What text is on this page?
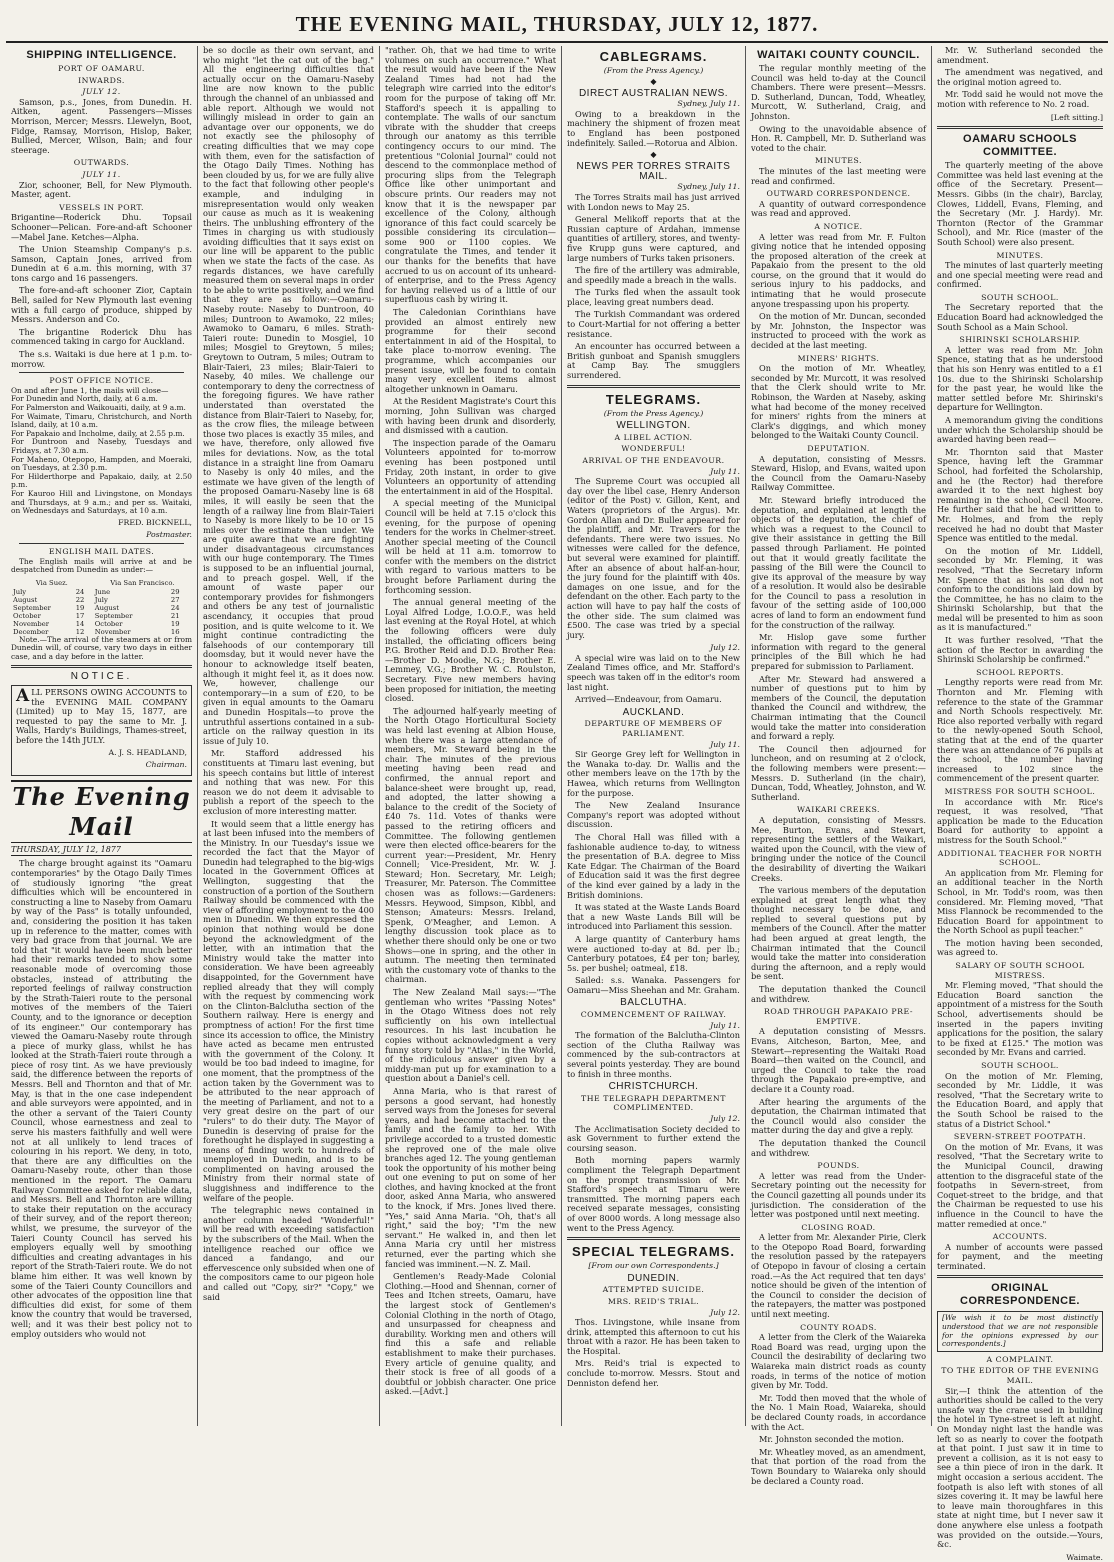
THE EVENING MAIL, THURSDAY, JULY 12, 1877.
SHIPPING INTELLIGENCE.
PORT OF OAMARU.
INWARDS.
JULY 12.

Samson, p.s., Jones, from Dunedin. H. Aitken, agent. Passengers—Misses Morrison, Mercer; Messrs. Llewelyn, Boot, Fidge, Ramsay, Morrison, Hislop, Baker, Bullied, Mercer, Wilson, Bain; and four steerage.

OUTWARDS.
JULY 11.

Zior, schooner, Bell, for New Plymouth. Master, agent.

VESSELS IN PORT.

Brigantine—Roderick Dhu. Topsail Schooner—Pelican. Fore-and-aft Schooner—Mabel Jane. Ketches—Alpha.

The Union Steamship Company's p.s. Samson, Captain Jones, arrived from Dunedin at 6 a.m. this morning, with 37 tons cargo and 16 passengers.

The fore-and-aft schooner Zior, Captain Bell, sailed for New Plymouth last evening with a full cargo of produce, shipped by Messrs. Anderson and Co.

The brigantine Roderick Dhu has commenced taking in cargo for Auckland.

The s.s. Waitaki is due here at 1 p.m. to-morrow.

POST OFFICE NOTICE.
On and after June 1, the mails will close—
For Dunedin and North, daily, at 6 a.m.
For Palmerston and Waikouaiti, daily, at 9 a.m.
For Waimate, Timaru, Christchurch, and North Island, daily, at 10 a.m.
For Papakaio and Incholme, daily, at 2.55 p.m.
For Duntroon and Naseby, Tuesdays and Fridays, at 7.30 a.m.
For Maheno, Otepopo, Hampden, and Moeraki, on Tuesdays, at 2.30 p.m.
For Hilderthorpe and Papakaio, daily, at 2.50 p.m.
For Kauroo Hill and Livingstone, on Mondays and Thursdays, at 9 a.m.; and per ss. Waitaki, on Wednesdays and Saturdays, at 10 a.m.
FRED. BICKNELL,
Postmaster.
ENGLISH MAIL DATES.

The English mails will arrive at and be despatched from Dunedin as under:—

Via Suez.		Via San Francisco.	
July	24	June	29
August	22	July	27
September	19	August	24
October	17	September	21
November	14	October	19
December	12	November	16

Note.—The arrival of the steamers at or from Dunedin will, of course, vary two days in either case, and a day before in the latter.

NOTICE.
A LL PERSONS OWING ACCOUNTS to the EVENING MAIL COMPANY (Limited) up to May 15, 1877, are requested to pay the same to Mr. J. Walls, Hardy's Buildings, Thames-street, before the 14th JULY.
A. J. S. HEADLAND,
Chairman.
The Evening Mail
THURSDAY, JULY 12, 1877

The charge brought against its "Oamaru contemporaries" by the Otago Daily Times of studiously ignoring "the great difficulties which will be encountered in constructing a line to Naseby from Oamaru by way of the Pass" is totally unfounded, and, considering the position it has taken up in reference to the matter, comes with very bad grace from that journal. We are told that "it would have been much better had their remarks tended to show some reasonable mode of overcoming those obstacles, instead of attributing the reported feelings of railway construction by the Strath-Taieri route to the personal motives of the members of the Taieri County, and to the ignorance or deception of its engineer." Our contemporary has viewed the Oamaru-Naseby route through a piece of murky glass, whilst he has looked at the Strath-Taieri route through a piece of rosy tint. As we have previously said, the difference between the reports of Messrs. Bell and Thornton and that of Mr. May, is that in the one case independent and able surveyors were appointed, and in the other a servant of the Taieri County Council, whose earnestness and zeal to serve his masters faithfully and well were not at all unlikely to lend traces of colouring in his report. We deny, in toto, that there are any difficulties on the Oamaru-Naseby route, other than those mentioned in the report. The Oamaru Railway Committee asked for reliable data, and Messrs. Bell and Thornton are willing to stake their reputation on the accuracy of their survey, and of the report thereon; whilst, we presume, the surveyor of the Taieri County Council has served his employers equally well by smoothing difficulties and creating advantages in his report of the Strath-Taieri route. We do not blame him either. It was well known by some of the Taieri County Councillors and other advocates of the opposition line that difficulties did exist, for some of them know the country that would be traversed, well; and it was their best policy not to employ outsiders who would not

be so docile as their own servant, and who might "let the cat out of the bag." All the engineering difficulties that actually occur on the Oamaru-Naseby line are now known to the public through the channel of an unbiassed and able report. Although we would not willingly mislead in order to gain an advantage over our opponents, we do not exactly see the philosophy of creating difficulties that we may cope with them, even for the satisfaction of the Otago Daily Times. Nothing has been clouded by us, for we are fully alive to the fact that following other people's example, and indulging in misrepresentation would only weaken our cause as much as it is weakening theirs. The unblushing effrontery of the Times in charging us with studiously avoiding difficulties that it says exist on our line will be apparent to the public when we state the facts of the case. As regards distances, we have carefully measured them on several maps in order to be able to write positively, and we find that they are as follow:—Oamaru-Naseby route: Naseby to Duntroon, 40 miles; Duntroon to Awamoko, 22 miles; Awamoko to Oamaru, 6 miles. Strath-Taieri route: Dunedin to Mosgiel, 10 miles; Mosgiel to Greytown, 5 miles; Greytown to Outram, 5 miles; Outram to Blair-Taieri, 23 miles; Blair-Taieri to Naseby, 40 miles. We challenge our contemporary to deny the correctness of the foregoing figures. We have rather understated than overstated the distance from Blair-Taieri to Naseby, for, as the crow flies, the mileage between those two places is exactly 35 miles, and we have, therefore, only allowed five miles for deviations. Now, as the total distance in a straight line from Oamaru to Naseby is only 40 miles, and the estimate we have given of the length of the proposed Oamaru-Naseby line is 68 miles, it will easily be seen that the length of a railway line from Blair-Taieri to Naseby is more likely to be 10 or 15 miles over the estimate than under. We are quite aware that we are fighting under disadvantageous circumstances with our huge contemporary. The Times is supposed to be an influential journal, and to preach gospel. Well, if the amount of waste paper our contemporary provides for fishmongers and others be any test of journalistic ascendancy, it occupies that proud position, and is quite welcome to it. We might continue contradicting the falsehoods of our contemporary till doomsday, but it would never have the honour to acknowledge itself beaten, although it might feel it, as it does now. We, however, challenge our contemporary—in a sum of £20, to be given in equal amounts to the Oamaru and Dunedin Hospitals—to prove the untruthful assertions contained in a sub-article on the railway question in its issue of July 10.

Mr. Stafford addressed his constituents at Timaru last evening, but his speech contains but little of interest and nothing that was new. For this reason we do not deem it advisable to publish a report of the speech to the exclusion of more interesting matter.

It would seem that a little energy has at last been infused into the members of the Ministry. In our Tuesday's issue we recorded the fact that the Mayor of Dunedin had telegraphed to the big-wigs located in the Government Offices at Wellington, suggesting that the construction of a portion of the Southern Railway should be commenced with the view of affording employment to the 400 men in Dunedin. We then expressed the opinion that nothing would be done beyond the acknowledgment of the letter, with an intimation that the Ministry would take the matter into consideration. We have been agreeably disappointed, for the Government have replied already that they will comply with the request by commencing work on the Clinton-Balclutha section of the Southern railway. Here is energy and promptness of action! For the first time since its accession to office, the Ministry have acted as became men entrusted with the government of the Colony. It would be too bad indeed to imagine, for one moment, that the promptness of the action taken by the Government was to be attributed to the near approach of the meeting of Parliament, and not to a very great desire on the part of our "rulers" to do their duty. The Mayor of Dunedin is deserving of praise for the forethought he displayed in suggesting a means of finding work to hundreds of unemployed in Dunedin, and is to be complimented on having aroused the Ministry from their normal state of sluggishness and indifference to the welfare of the people.

The telegraphic news contained in another column headed "Wonderful!" will be read with exceeding satisfaction by the subscribers of the Mail. When the intelligence reached our office we danced a fandango, and our effervescence only subsided when one of the compositors came to our pigeon hole and called out "Copy, sir?" "Copy," we said

"rather. Oh, that we had time to write volumes on such an occurrence." What the result would have been if the New Zealand Times had not had the telegraph wire carried into the editor's room for the purpose of taking off Mr. Stafford's speech it is appalling to contemplate. The walls of our sanctum vibrate with the shudder that creeps through our anatomy as this terrible contingency occurs to our mind. The pretentious "Colonial Journal" could not descend to the commonplace method of procuring slips from the Telegraph Office like other unimportant and obscure prints. Our readers may not know that it is the newspaper par excellence of the Colony, although ignorance of this fact could scarcely be possible considering its circulation—some 900 or 1100 copies. We congratulate the Times, and tender it our thanks for the benefits that have accrued to us on account of its unheard-of enterprise, and to the Press Agency for having relieved us of a little of our superfluous cash by wiring it.

The Caledonian Corinthians have provided an almost entirely new programme for their second entertainment in aid of the Hospital, to take place to-morrow evening. The programme, which accompanies our present issue, will be found to contain many very excellent items almost altogether unknown in Oamaru.

At the Resident Magistrate's Court this morning, John Sullivan was charged with having been drunk and disorderly, and dismissed with a caution.

The inspection parade of the Oamaru Volunteers appointed for to-morrow evening has been postponed until Friday, 20th instant, in order to give Volunteers an opportunity of attending the entertainment in aid of the Hospital.

A special meeting of the Municipal Council will be held at 7.15 o'clock this evening, for the purpose of opening tenders for the works in Chelmer-street. Another special meeting of the Council will be held at 11 a.m. tomorrow to confer with the members on the district with regard to various matters to be brought before Parliament during the forthcoming session.

The annual general meeting of the Loyal Alfred Lodge, I.O.O.F., was held last evening at the Royal Hotel, at which the following officers were duly installed, the officiating officers being P.G. Brother Reid and D.D. Brother Rea:—Brother D. Moodie, N.G.; Brother E. Lemmey, V.G.; Brother W. C. Roulston, Secretary. Five new members having been proposed for initiation, the meeting closed.

The adjourned half-yearly meeting of the North Otago Horticultural Society was held last evening at Albion House, when there was a large attendance of members, Mr. Steward being in the chair. The minutes of the previous meeting having been read and confirmed, the annual report and balance-sheet were brought up, read, and adopted, the latter showing a balance to the credit of the Society of £40 7s. 11d. Votes of thanks were passed to the retiring officers and Committee. The following gentlemen were then elected office-bearers for the current year:—President, Mr. Henry Connell; Vice-President, Mr. W. J. Steward; Hon. Secretary, Mr. Leigh; Treasurer, Mr. Paterson. The Committee chosen was as follows:—Gardeners: Messrs. Heywood, Simpson, Kibbl, and Stenson; Amateurs: Messrs. Ireland, Spenk, O'Meagher, and Lemon. A lengthy discussion took place as to whether there should only be one or two Shows—one in spring, and the other in autumn. The meeting then terminated with the customary vote of thanks to the chairman.

The New Zealand Mail says:—"The gentleman who writes "Passing Notes" in the Otago Witness does not rely sufficiently on his own intellectual resources. In his last incubation he copies without acknowledgment a very funny story told by "Atlas," in the World, of the ridiculous answer given by a middy-man put up for examination to a question about a Daniel's cell.

Anna Maria, who is that rarest of persons a good servant, had honestly served ways from the Joneses for several years, and had become attached to the family and the family to her. With privilege accorded to a trusted domestic she reproved one of the male olive branches aged 12. The young gentleman took the opportunity of his mother being out one evening to put on some of her clothes, and having knocked at the front door, asked Anna Maria, who answered to the knock, if Mrs. Jones lived there. "Yes," said Anna Maria. "Oh, that's all right," said the boy; "I'm the new servant." He walked in, and then let Anna Maria cry until her mistress returned, ever the parting which she fancied was imminent.—N. Z. Mail.

Gentlemen's Ready-Made Colonial Clothing.—Hood and Shennan, corner of Tees and Itchen streets, Oamaru, have the largest stock of Gentlemen's Colonial Clothing in the north of Otago, and unsurpassed for cheapness and durability. Working men and others will find this a safe and reliable establishment to make their purchases. Every article of genuine quality, and their stock is free of all goods of a doubtful or jobbish character. One price asked.—[Advt.]

CABLEGRAMS.
(From the Press Agency.)
◆
DIRECT AUSTRALIAN NEWS.
Sydney, July 11.

Owing to a breakdown in the machinery the shipment of frozen meat to England has been postponed indefinitely. Sailed.—Rotorua and Albion.

◆
NEWS PER TORRES STRAITS MAIL.
Sydney, July 11.

The Torres Straits mail has just arrived with London news to May 25.

General Melikoff reports that at the Russian capture of Ardahan, immense quantities of artillery, stores, and twenty-five Krupp guns were captured, and large numbers of Turks taken prisoners.

The fire of the artillery was admirable, and speedily made a breach in the walls.

The Turks fled when the assault took place, leaving great numbers dead.

The Turkish Commandant was ordered to Court-Martial for not offering a better resistance.

An encounter has occurred between a British gunboat and Spanish smugglers at Camp Bay. The smugglers surrendered.

TELEGRAMS.
(From the Press Agency.)
WELLINGTON.
A LIBEL ACTION.
WONDERFUL!
ARRIVAL OF THE ENDEAVOUR.
July 11.

The Supreme Court was occupied all day over the libel case, Henry Anderson (editor of the Post) v. Gillon, Kent, and Waters (proprietors of the Argus). Mr. Gordon Allan and Dr. Buller appeared for the plaintiff, and Mr. Travers for the defendants. There were two issues. No witnesses were called for the defence, but several were examined for plaintiff. After an absence of about half-an-hour, the jury found for the plaintiff with 40s. damages on one issue, and for the defendant on the other. Each party to the action will have to pay half the costs of the other side. The sum claimed was £500. The case was tried by a special jury.

July 12.

A special wire was laid on to the New Zealand Times office, and Mr. Stafford's speech was taken off in the editor's room last night.

Arrived—Endeavour, from Oamaru.

AUCKLAND.
DEPARTURE OF MEMBERS OF PARLIAMENT.
July 11.

Sir George Grey left for Wellington in the Wanaka to-day. Dr. Wallis and the other members leave on the 17th by the Hawea, which returns from Wellington for the purpose.

The New Zealand Insurance Company's report was adopted without discussion.

The Choral Hall was filled with a fashionable audience to-day, to witness the presentation of B.A. degree to Miss Kate Edgar. The Chairman of the Board of Education said it was the first degree of the kind ever gained by a lady in the British dominions.

It was stated at the Waste Lands Board that a new Waste Lands Bill will be introduced into Parliament this session.

A large quantity of Canterbury hams were auctioned to-day at 8d. per lb.; Canterbury potatoes, £4 per ton; barley, 5s. per bushel; oatmeal, £18.

Sailed: s.s. Wanaka. Passengers for Oamaru—Miss Sheehan and Mr. Graham.

BALCLUTHA.
COMMENCEMENT OF RAILWAY.
July 11.

The formation of the Balclutha-Clinton section of the Clutha Railway was commenced by the sub-contractors at several points yesterday. They are bound to finish in three months.

CHRISTCHURCH.
THE TELEGRAPH DEPARTMENT COMPLIMENTED.
July 12.

The Acclimatisation Society decided to ask Government to further extend the coursing season.

Both morning papers warmly compliment the Telegraph Department on the prompt transmission of Mr. Stafford's speech at Timaru were transmitted. The morning papers each received separate messages, consisting of over 8000 words. A long message also went to the Press Agency.

SPECIAL TELEGRAMS.
[From our own Correspondents.]
DUNEDIN.
ATTEMPTED SUICIDE.
MRS. REID'S TRIAL.
July 12.

Thos. Livingstone, while insane from drink, attempted this afternoon to cut his throat with a razor. He has been taken to the Hospital.

Mrs. Reid's trial is expected to conclude to-morrow. Messrs. Stout and Denniston defend her.

WAITAKI COUNTY COUNCIL.

The regular monthly meeting of the Council was held to-day at the Council Chambers. There were present—Messrs. D. Sutherland, Duncan, Todd, Wheatley, Murcott, W. Sutherland, Craig, and Johnston.

Owing to the unavoidable absence of Hon. R. Campbell, Mr. D. Sutherland was voted to the chair.

MINUTES.

The minutes of the last meeting were read and confirmed.

OUTWARD CORRESPONDENCE.

A quantity of outward correspondence was read and approved.

A NOTICE.

A letter was read from Mr. F. Fulton giving notice that he intended opposing the proposed alteration of the creek at Papakaio from the present to the old course, on the ground that it would do serious injury to his paddocks, and intimating that he would prosecute anyone trespassing upon his property.

On the motion of Mr. Duncan, seconded by Mr. Johnston, the Inspector was instructed to proceed with the work as decided at the last meeting.

MINERS' RIGHTS.

On the motion of Mr. Wheatley, seconded by Mr. Murcott, it was resolved that the Clerk should write to Mr. Robinson, the Warden at Naseby, asking what had become of the money received for miners' rights from the miners at Clark's diggings, and which money belonged to the Waitaki County Council.

DEPUTATION.

A deputation, consisting of Messrs. Steward, Hislop, and Evans, waited upon the Council from the Oamaru-Naseby Railway Committee.

Mr. Steward briefly introduced the deputation, and explained at length the objects of the deputation, the chief of which was a request to the Council to give their assistance in getting the Bill passed through Parliament. He pointed out that it would greatly facilitate the passing of the Bill were the Council to give its approval of the measure by way of a resolution. It would also be desirable for the Council to pass a resolution in favour of the setting aside of 100,000 acres of land to form an endowment fund for the construction of the railway.

Mr. Hislop gave some further information with regard to the general principles of the Bill which he had prepared for submission to Parliament.

After Mr. Steward had answered a number of questions put to him by members of the Council, the deputation thanked the Council and withdrew, the Chairman intimating that the Council would take the matter into consideration and forward a reply.

The Council then adjourned for luncheon, and on resuming at 2 o'clock, the following members were present:—Messrs. D. Sutherland (in the chair), Duncan, Todd, Wheatley, Johnston, and W. Sutherland.

WAIKARI CREEKS.

A deputation, consisting of Messrs. Mee, Burton, Evans, and Stewart, representing the settlers of the Waikari, waited upon the Council, with the view of bringing under the notice of the Council the desirability of diverting the Waikari Creeks.

The various members of the deputation explained at great length what they thought necessary to be done, and replied to several questions put by members of the Council. After the matter had been argued at great length, the Chairman intimated that the Council would take the matter into consideration during the afternoon, and a reply would be sent.

The deputation thanked the Council and withdrew.

ROAD THROUGH PAPAKAIO PRE-EMPTIVE.

A deputation consisting of Messrs. Evans, Aitcheson, Barton, Mee, and Stewart—representing the Waitaki Road Board—then waited on the Council, and urged the Council to take the road through the Papakaio pre-emptive, and declare it a County road.

After hearing the arguments of the deputation, the Chairman intimated that the Council would also consider the matter during the day and give a reply.

The deputation thanked the Council and withdrew.

POUNDS.

A letter was read from the Under-Secretary pointing out the necessity for the Council gazetting all pounds under its jurisdiction. The consideration of the letter was postponed until next meeting.

CLOSING ROAD.

A letter from Mr. Alexander Pirie, Clerk to the Otepopo Road Board, forwarding the resolution passed by the ratepayers of Otepopo in favour of closing a certain road.—As the Act required that ten days' notice should be given of the intention of the Council to consider the decision of the ratepayers, the matter was postponed until next meeting.

COUNTY ROADS.

A letter from the Clerk of the Waiareka Road Board was read, urging upon the Council the desirability of declaring two Waiareka main district roads as county roads, in terms of the notice of motion given by Mr. Todd.

Mr. Todd then moved that the whole of the No. 1 Main Road, Waiareka, should be declared County roads, in accordance with the Act.

Mr. Johnston seconded the motion.

Mr. Wheatley moved, as an amendment, that that portion of the road from the Town Boundary to Waiareka only should be declared a County road.

Mr. W. Sutherland seconded the amendment.

The amendment was negatived, and the original motion agreed to.

Mr. Todd said he would not move the motion with reference to No. 2 road.

[Left sitting.]
OAMARU SCHOOLS COMMITTEE.

The quarterly meeting of the above Committee was held last evening at the office of the Secretary. Present—Messrs. Gibbs (in the chair), Barclay, Clowes, Liddell, Evans, Fleming, and the Secretary (Mr. J. Hardy). Mr. Thornton (Rector of the Grammar School), and Mr. Rice (master of the South School) were also present.

MINUTES.

The minutes of last quarterly meeting and one special meeting were read and confirmed.

SOUTH SCHOOL.

The Secretary reported that the Education Board had acknowledged the South School as a Main School.

SHIRINSKI SCHOLARSHIP.

A letter was read from Mr. John Spence, stating that as he understood that his son Henry was entitled to a £1 10s. due to the Shirinski Scholarship for the past year, he would like the matter settled before Mr. Shirinski's departure for Wellington.

A memorandum giving the conditions under which the Scholarship should be awarded having been read—

Mr. Thornton said that Master Spence, having left the Grammar School, had forfeited the Scholarship, and he (the Rector) had therefore awarded it to the next highest boy remaining in the school, Cecil Moore. He further said that he had written to Mr. Holmes, and from the reply received he had no doubt that Master Spence was entitled to the medal.

On the motion of Mr. Liddell, seconded by Mr. Fleming, it was resolved, "That the Secretary inform Mr. Spence that as his son did not conform to the conditions laid down by the Committee, he has no claim to the Shirinski Scholarship, but that the medal will be presented to him as soon as it is manufactured."

It was further resolved, "That the action of the Rector in awarding the Shirinski Scholarship be confirmed."

SCHOOL REPORTS.

Lengthy reports were read from Mr. Thornton and Mr. Fleming with reference to the state of the Grammar and North Schools respectively. Mr. Rice also reported verbally with regard to the newly-opened South School, stating that at the end of the quarter there was an attendance of 76 pupils at the school, the number having increased to 102 since the commencement of the present quarter.

MISTRESS FOR SOUTH SCHOOL.

In accordance with Mr. Rice's request, it was resolved, "That application be made to the Education Board for authority to appoint a mistress for the South School."

ADDITIONAL TEACHER FOR NORTH SCHOOL.

An application from Mr. Fleming for an additional teacher in the North School, in Mr. Todd's room, was then considered. Mr. Fleming moved, "That Miss Flannock be recommended to the Education Board for appointment to the North School as pupil teacher."

The motion having been seconded, was agreed to.

SALARY OF SOUTH SCHOOL MISTRESS.

Mr. Fleming moved, "That should the Education Board sanction the appointment of a mistress for the South School, advertisements should be inserted in the papers inviting applications for the position, the salary to be fixed at £125." The motion was seconded by Mr. Evans and carried.

SOUTH SCHOOL.

On the motion of Mr. Fleming, seconded by Mr. Liddle, it was resolved, "That the Secretary write to the Education Board, and apply that the South School be raised to the status of a District School."

SEVERN-STREET FOOTPATH.

On the motion of Mr. Evans, it was resolved, "That the Secretary write to the Municipal Council, drawing attention to the disgraceful state of the footpaths in Severn-street, from Coquet-street to the bridge, and that the Chairman be requested to use his influence in the Council to have the matter remedied at once."

ACCOUNTS.

A number of accounts were passed for payment, and the meeting terminated.

ORIGINAL CORRESPONDENCE.
[We wish it to be most distinctly understood that we are not responsible for the opinions expressed by our correspondents.]
A COMPLAINT.
TO THE EDITOR OF THE EVENING MAIL.

Sir,—I think the attention of the authorities should be called to the very unsafe way the crane used in building the hotel in Tyne-street is left at night. On Monday night last the handle was left so as nearly to cover the footpath at that point. I just saw it in time to prevent a collision, as it is not easy to see a thin piece of iron in the dark. It might occasion a serious accident. The footpath is also left with stones of all sizes covering it. It may be lawful here to leave main thoroughfares in this state at night time, but I never saw it done anywhere else unless a footpath was provided on the outside.—Yours, &c.

Waimate.
